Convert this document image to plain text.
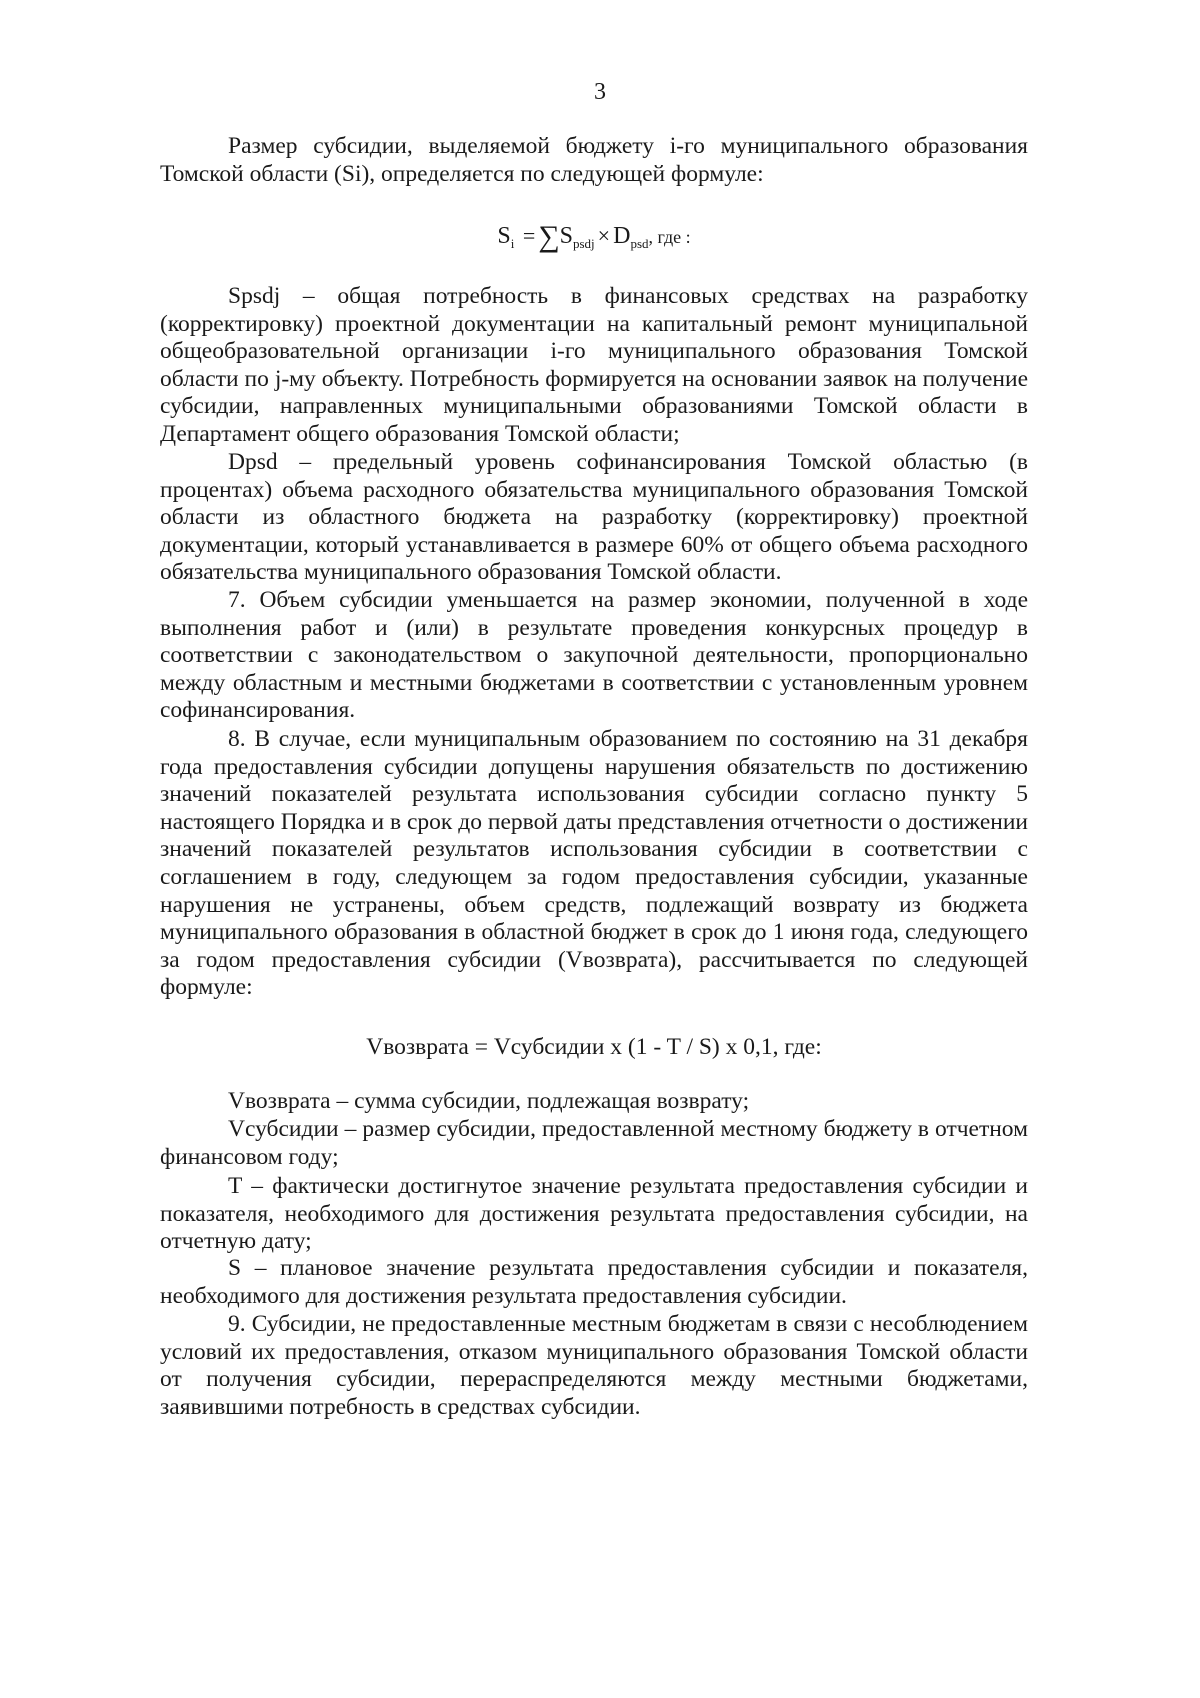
3

Размер субсидии, выделяемой бюджету i-го муниципального образования Томской области (Si), определяется по следующей формуле:

$S_i = \sum S_{psdj} \times D_{psd}$, где :

Spsdj – общая потребность в финансовых средствах на разработку (корректировку) проектной документации на капитальный ремонт муниципальной общеобразовательной организации i-го муниципального образования Томской области по j-му объекту. Потребность формируется на основании заявок на получение субсидии, направленных муниципальными образованиями Томской области в Департамент общего образования Томской области;

Dpsd – предельный уровень софинансирования Томской областью (в процентах) объема расходного обязательства муниципального образования Томской области из областного бюджета на разработку (корректировку) проектной документации, который устанавливается в размере 60% от общего объема расходного обязательства муниципального образования Томской области.

7. Объем субсидии уменьшается на размер экономии, полученной в ходе выполнения работ и (или) в результате проведения конкурсных процедур в соответствии с законодательством о закупочной деятельности, пропорционально между областным и местными бюджетами в соответствии с установленным уровнем софинансирования.

8. В случае, если муниципальным образованием по состоянию на 31 декабря года предоставления субсидии допущены нарушения обязательств по достижению значений показателей результата использования субсидии согласно пункту 5 настоящего Порядка и в срок до первой даты представления отчетности о достижении значений показателей результатов использования субсидии в соответствии с соглашением в году, следующем за годом предоставления субсидии, указанные нарушения не устранены, объем средств, подлежащий возврату из бюджета муниципального образования в областной бюджет в срок до 1 июня года, следующего за годом предоставления субсидии (Vвозврата), рассчитывается по следующей формуле:

Vвозврата = Vсубсидии x (1 - T / S) x 0,1, где:

Vвозврата – сумма субсидии, подлежащая возврату;

Vсубсидии – размер субсидии, предоставленной местному бюджету в отчетном финансовом году;

T – фактически достигнутое значение результата предоставления субсидии и показателя, необходимого для достижения результата предоставления субсидии, на отчетную дату;

S – плановое значение результата предоставления субсидии и показателя, необходимого для достижения результата предоставления субсидии.

9. Субсидии, не предоставленные местным бюджетам в связи с несоблюдением условий их предоставления, отказом муниципального образования Томской области от получения субсидии, перераспределяются между местными бюджетами, заявившими потребность в средствах субсидии.
